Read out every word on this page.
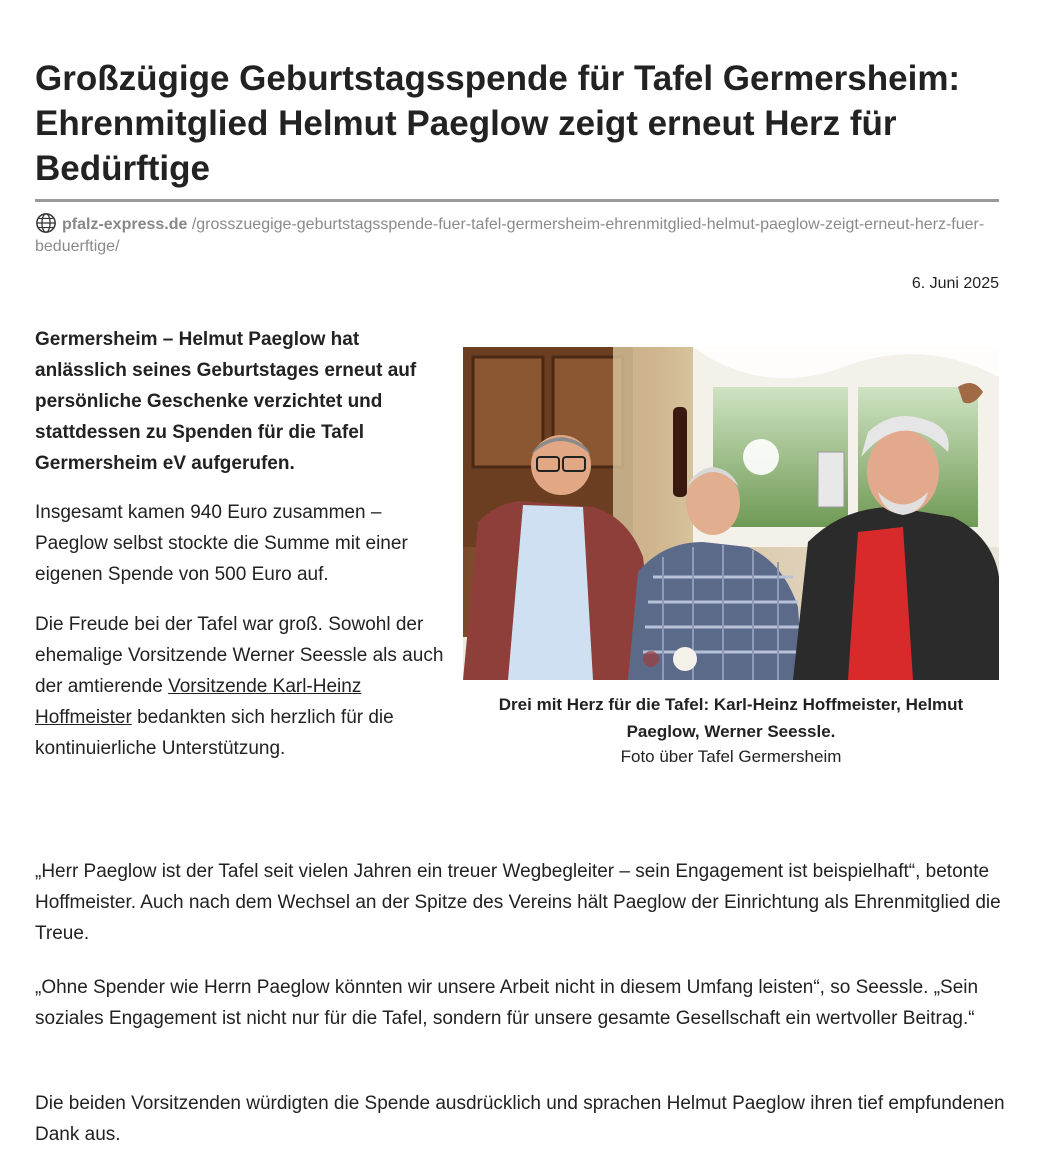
Großzügige Geburtstagsspende für Tafel Germersheim: Ehrenmitglied Helmut Paeglow zeigt erneut Herz für Bedürftige
pfalz-express.de /grosszuegige-geburtstagsspende-fuer-tafel-germersheim-ehrenmitglied-helmut-paeglow-zeigt-erneut-herz-fuer-beduerftige/
6. Juni 2025

Germersheim – Helmut Paeglow hat anlässlich seines Geburtstages erneut auf persönliche Geschenke verzichtet und stattdessen zu Spenden für die Tafel Germersheim eV aufgerufen.

Insgesamt kamen 940 Euro zusammen – Paeglow selbst stockte die Summe mit einer eigenen Spende von 500 Euro auf.

Die Freude bei der Tafel war groß. Sowohl der ehemalige Vorsitzende Werner Seessle als auch der amtierende Vorsitzende Karl-Heinz Hoffmeister bedankten sich herzlich für die kontinuierliche Unterstützung.

Drei mit Herz für die Tafel: Karl-Heinz Hoffmeister, Helmut Paeglow, Werner Seessle.
Foto über Tafel Germersheim

„Herr Paeglow ist der Tafel seit vielen Jahren ein treuer Wegbegleiter – sein Engagement ist beispielhaft“, betonte Hoffmeister. Auch nach dem Wechsel an der Spitze des Vereins hält Paeglow der Einrichtung als Ehrenmitglied die Treue.

„Ohne Spender wie Herrn Paeglow könnten wir unsere Arbeit nicht in diesem Umfang leisten“, so Seessle. „Sein soziales Engagement ist nicht nur für die Tafel, sondern für unsere gesamte Gesellschaft ein wertvoller Beitrag.“

Die beiden Vorsitzenden würdigten die Spende ausdrücklich und sprachen Helmut Paeglow ihren tief empfundenen Dank aus.
